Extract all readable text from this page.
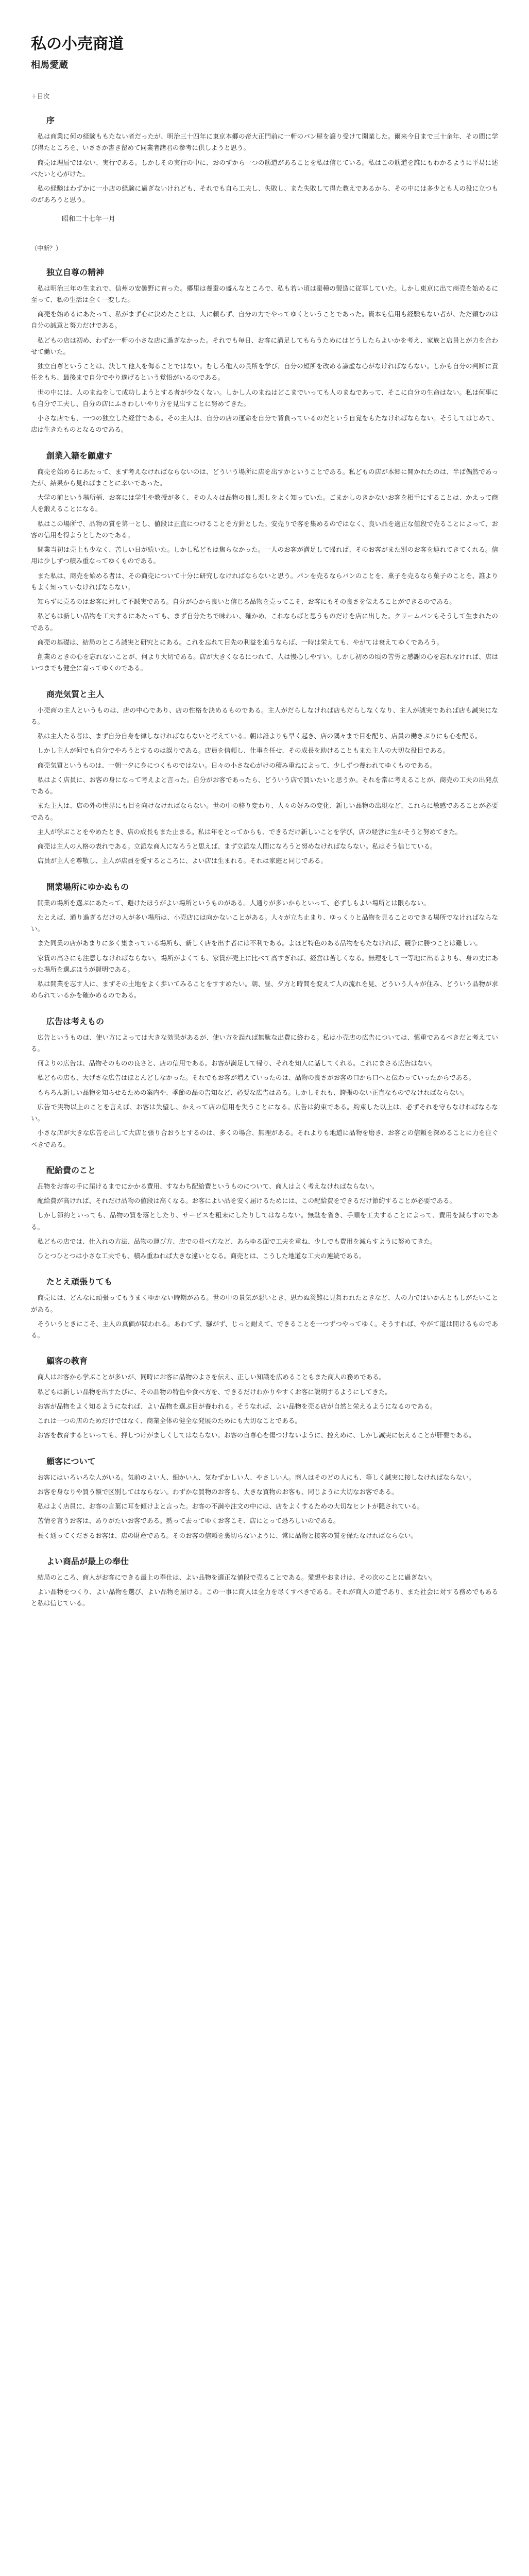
私の小売商道
相馬愛蔵
＋目次
序

私は商業に何の経験ももたない者だったが、明治三十四年に東京本郷の帝大正門前に一軒のパン屋を譲り受けて開業した。爾来今日まで三十余年、その間に学び得たところを、いささか書き留めて同業者諸君の参考に供しようと思う。

商売は理屈ではない、実行である。しかしその実行の中に、おのずから一つの筋道があることを私は信じている。私はこの筋道を誰にもわかるように平易に述べたいと心がけた。

私の経験はわずかに一小店の経験に過ぎないけれども、それでも自ら工夫し、失敗し、また失敗して得た教えであるから、その中には多少とも人の役に立つものがあろうと思う。

昭和二十七年一月
（中断？）
独立自尊の精神

私は明治三年の生まれで、信州の安曇野に育った。郷里は養蚕の盛んなところで、私も若い頃は蚕種の製造に従事していた。しかし東京に出て商売を始めるに至って、私の生活は全く一変した。

商売を始めるにあたって、私がまず心に決めたことは、人に頼らず、自分の力でやってゆくということであった。資本も信用も経験もない者が、ただ頼むのは自分の誠意と努力だけである。

私どもの店は初め、わずか一軒の小さな店に過ぎなかった。それでも毎日、お客に満足してもらうためにはどうしたらよいかを考え、家族と店員とが力を合わせて働いた。

独立自尊ということは、決して他人を侮ることではない。むしろ他人の長所を学び、自分の短所を改める謙虚な心がなければならない。しかも自分の判断に責任をもち、最後まで自分でやり遂げるという覚悟がいるのである。

世の中には、人のまねをして成功しようとする者が少なくない。しかし人のまねはどこまでいっても人のまねであって、そこに自分の生命はない。私は何事にも自分で工夫し、自分の店にふさわしいやり方を見出すことに努めてきた。

小さな店でも、一つの独立した経営である。その主人は、自分の店の運命を自分で背負っているのだという自覚をもたなければならない。そうしてはじめて、店は生きたものとなるのである。

創業入籍を顧慮す

商売を始めるにあたって、まず考えなければならないのは、どういう場所に店を出すかということである。私どもの店が本郷に開かれたのは、半ば偶然であったが、結果から見ればまことに幸いであった。

大学の前という場所柄、お客には学生や教授が多く、その人々は品物の良し悪しをよく知っていた。ごまかしのきかないお客を相手にすることは、かえって商人を鍛えることになる。

私はこの場所で、品物の質を第一とし、値段は正直につけることを方針とした。安売りで客を集めるのではなく、良い品を適正な値段で売ることによって、お客の信用を得ようとしたのである。

開業当初は売上も少なく、苦しい日が続いた。しかし私どもは焦らなかった。一人のお客が満足して帰れば、そのお客がまた別のお客を連れてきてくれる。信用は少しずつ積み重なってゆくものである。

また私は、商売を始める者は、その商売について十分に研究しなければならないと思う。パンを売るならパンのことを、菓子を売るなら菓子のことを、誰よりもよく知っていなければならない。

知らずに売るのはお客に対して不誠実である。自分が心から良いと信じる品物を売ってこそ、お客にもその良さを伝えることができるのである。

私どもは新しい品物を工夫するにあたっても、まず自分たちで味わい、確かめ、これならばと思うものだけを店に出した。クリームパンもそうして生まれたのである。

商売の基礎は、結局のところ誠実と研究とにある。これを忘れて目先の利益を追うならば、一時は栄えても、やがては衰えてゆくであろう。

創業のときの心を忘れないことが、何より大切である。店が大きくなるにつれて、人は慢心しやすい。しかし初めの頃の苦労と感謝の心を忘れなければ、店はいつまでも健全に育ってゆくのである。

商売気質と主人

小売商の主人というものは、店の中心であり、店の性格を決めるものである。主人がだらしなければ店もだらしなくなり、主人が誠実であれば店も誠実になる。

私は主人たる者は、まず自分自身を律しなければならないと考えている。朝は誰よりも早く起き、店の隅々まで目を配り、店員の働きぶりにも心を配る。

しかし主人が何でも自分でやろうとするのは誤りである。店員を信頼し、仕事を任せ、その成長を助けることもまた主人の大切な役目である。

商売気質というものは、一朝一夕に身につくものではない。日々の小さな心がけの積み重ねによって、少しずつ養われてゆくものである。

私はよく店員に、お客の身になって考えよと言った。自分がお客であったら、どういう店で買いたいと思うか。それを常に考えることが、商売の工夫の出発点である。

また主人は、店の外の世界にも目を向けなければならない。世の中の移り変わり、人々の好みの変化、新しい品物の出現など、これらに敏感であることが必要である。

主人が学ぶことをやめたとき、店の成長もまた止まる。私は年をとってからも、できるだけ新しいことを学び、店の経営に生かそうと努めてきた。

商売は主人の人格の表れである。立派な商人になろうと思えば、まず立派な人間になろうと努めなければならない。私はそう信じている。

店員が主人を尊敬し、主人が店員を愛するところに、よい店は生まれる。それは家庭と同じである。

開業場所にゆかぬもの

開業の場所を選ぶにあたって、避けたほうがよい場所というものがある。人通りが多いからといって、必ずしもよい場所とは限らない。

たとえば、通り過ぎるだけの人が多い場所は、小売店には向かないことがある。人々が立ち止まり、ゆっくりと品物を見ることのできる場所でなければならない。

また同業の店があまりに多く集まっている場所も、新しく店を出す者には不利である。よほど特色のある品物をもたなければ、競争に勝つことは難しい。

家賃の高さにも注意しなければならない。場所がよくても、家賃が売上に比べて高すぎれば、経営は苦しくなる。無理をして一等地に出るよりも、身の丈にあった場所を選ぶほうが賢明である。

私は開業を志す人に、まずその土地をよく歩いてみることをすすめたい。朝、昼、夕方と時間を変えて人の流れを見、どういう人々が住み、どういう品物が求められているかを確かめるのである。

広告は考えもの

広告というものは、使い方によっては大きな効果があるが、使い方を誤れば無駄な出費に終わる。私は小売店の広告については、慎重であるべきだと考えている。

何よりの広告は、品物そのものの良さと、店の信用である。お客が満足して帰り、それを知人に話してくれる。これにまさる広告はない。

私どもの店も、大げさな広告はほとんどしなかった。それでもお客が増えていったのは、品物の良さがお客の口から口へと伝わっていったからである。

もちろん新しい品物を知らせるための案内や、季節の品の告知など、必要な広告はある。しかしそれも、誇張のない正直なものでなければならない。

広告で実物以上のことを言えば、お客は失望し、かえって店の信用を失うことになる。広告は約束である。約束した以上は、必ずそれを守らなければならない。

小さな店が大きな広告を出して大店と張り合おうとするのは、多くの場合、無理がある。それよりも地道に品物を磨き、お客との信頼を深めることに力を注ぐべきである。

配給費のこと

品物をお客の手に届けるまでにかかる費用、すなわち配給費というものについて、商人はよく考えなければならない。

配給費が高ければ、それだけ品物の値段は高くなる。お客によい品を安く届けるためには、この配給費をできるだけ節約することが必要である。

しかし節約といっても、品物の質を落としたり、サービスを粗末にしたりしてはならない。無駄を省き、手順を工夫することによって、費用を減らすのである。

私どもの店では、仕入れの方法、品物の運び方、店での並べ方など、あらゆる面で工夫を重ね、少しでも費用を減らすように努めてきた。

ひとつひとつは小さな工夫でも、積み重ねれば大きな違いとなる。商売とは、こうした地道な工夫の連続である。

たとえ頑張りても

商売には、どんなに頑張ってもうまくゆかない時期がある。世の中の景気が悪いとき、思わぬ災難に見舞われたときなど、人の力ではいかんともしがたいことがある。

そういうときにこそ、主人の真価が問われる。あわてず、騒がず、じっと耐えて、できることを一つずつやってゆく。そうすれば、やがて道は開けるものである。

顧客の教育

商人はお客から学ぶことが多いが、同時にお客に品物のよさを伝え、正しい知識を広めることもまた商人の務めである。

私どもは新しい品物を出すたびに、その品物の特色や食べ方を、できるだけわかりやすくお客に説明するようにしてきた。

お客が品物をよく知るようになれば、よい品物を選ぶ目が養われる。そうなれば、よい品物を売る店が自然と栄えるようになるのである。

これは一つの店のためだけではなく、商業全体の健全な発展のためにも大切なことである。

お客を教育するといっても、押しつけがましくしてはならない。お客の自尊心を傷つけないように、控えめに、しかし誠実に伝えることが肝要である。

顧客について

お客にはいろいろな人がいる。気前のよい人、細かい人、気むずかしい人、やさしい人。商人はそのどの人にも、等しく誠実に接しなければならない。

お客を身なりや買う額で区別してはならない。わずかな買物のお客も、大きな買物のお客も、同じように大切なお客である。

私はよく店員に、お客の言葉に耳を傾けよと言った。お客の不満や注文の中には、店をよくするための大切なヒントが隠されている。

苦情を言うお客は、ありがたいお客である。黙って去ってゆくお客こそ、店にとって恐ろしいのである。

長く通ってくださるお客は、店の財産である。そのお客の信頼を裏切らないように、常に品物と接客の質を保たなければならない。

よい商品が最上の奉仕

結局のところ、商人がお客にできる最上の奉仕は、よい品物を適正な値段で売ることである。愛想やおまけは、その次のことに過ぎない。

よい品物をつくり、よい品物を選び、よい品物を届ける。この一事に商人は全力を尽くすべきである。それが商人の道であり、また社会に対する務めでもあると私は信じている。
